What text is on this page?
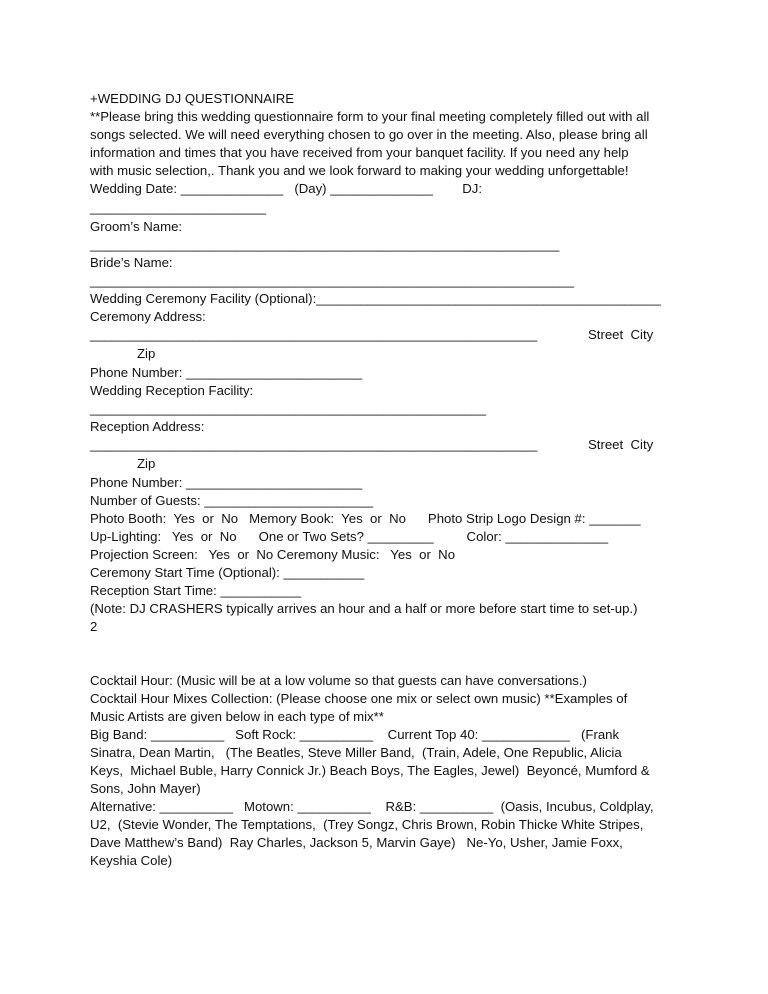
+WEDDING DJ QUESTIONNAIRE

**Please bring this wedding questionnaire form to your final meeting completely filled out with all

songs selected. We will need everything chosen to go over in the meeting. Also, please bring all

information and times that you have received from your banquet facility. If you need any help

with music selection,. Thank you and we look forward to making your wedding unforgettable!

Wedding Date: ______________   (Day) ______________        DJ:

________________________

Groom’s Name:

________________________________________________________________

Bride’s Name:

__________________________________________________________________

Wedding Ceremony Facility (Optional):_______________________________________________

Ceremony Address:

_____________________________________________________________	Street  City

Zip

Phone Number: ________________________

Wedding Reception Facility:

______________________________________________________

Reception Address:

_____________________________________________________________	Street  City

Zip

Phone Number: ________________________

Number of Guests: _______________________

Photo Booth:  Yes  or  No   Memory Book:  Yes  or  No      Photo Strip Logo Design #: _______

Up-Lighting:   Yes  or  No      One or Two Sets? _________         Color: ______________

Projection Screen:   Yes  or  No Ceremony Music:   Yes  or  No

Ceremony Start Time (Optional): ___________

Reception Start Time: ___________

(Note: DJ CRASHERS typically arrives an hour and a half or more before start time to set-up.)

2

Cocktail Hour: (Music will be at a low volume so that guests can have conversations.)

Cocktail Hour Mixes Collection: (Please choose one mix or select own music) **Examples of

Music Artists are given below in each type of mix**

Big Band: __________   Soft Rock: __________    Current Top 40: ____________   (Frank

Sinatra, Dean Martin,   (The Beatles, Steve Miller Band,  (Train, Adele, One Republic, Alicia

Keys,  Michael Buble, Harry Connick Jr.) Beach Boys, The Eagles, Jewel)  Beyoncé, Mumford &

Sons, John Mayer)

Alternative: __________   Motown: __________    R&B: __________  (Oasis, Incubus, Coldplay,

U2,  (Stevie Wonder, The Temptations,  (Trey Songz, Chris Brown, Robin Thicke White Stripes,

Dave Matthew’s Band)  Ray Charles, Jackson 5, Marvin Gaye)   Ne-Yo, Usher, Jamie Foxx,

Keyshia Cole)
